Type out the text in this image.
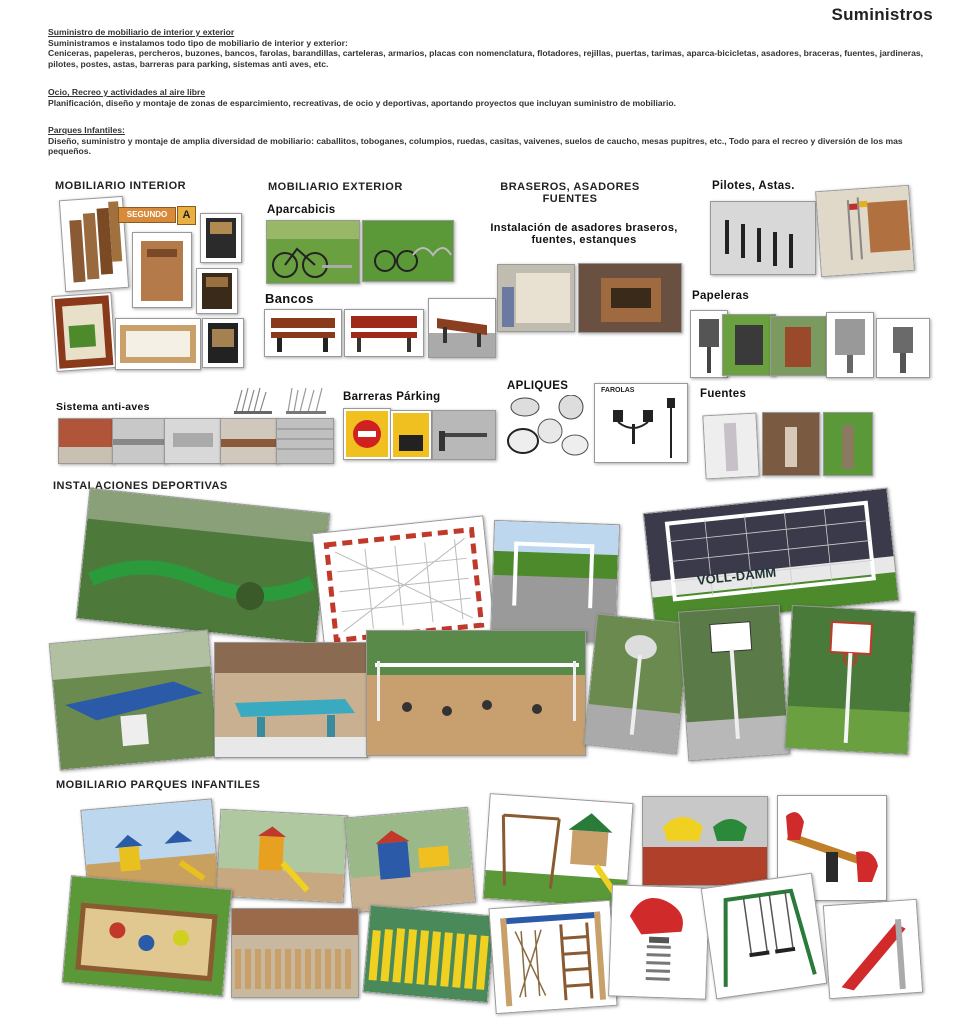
Suministros
Suministro de mobiliario de interior y exterior
Suministramos e instalamos todo tipo de mobiliario de interior y exterior:
Ceniceras, papeleras, percheros, buzones, bancos, farolas, barandillas, carteleras, armarios, placas con nomenclatura, flotadores, rejillas, puertas, tarimas, aparca-bicicletas, asadores, braceras, fuentes, jardineras, pilotes, postes, astas, barreras para parking, sistemas anti aves, etc.
Ocio, Recreo y actividades al aire libre
Planificación, diseño y montaje de zonas de esparcimiento, recreativas, de ocio y deportivas, aportando proyectos que incluyan suministro de mobiliario.
Parques Infantiles:
Diseño, suministro y montaje de amplia diversidad de mobiliario: caballitos, toboganes, columpios, ruedas, casitas, vaivenes, suelos de caucho, mesas pupitres, etc., Todo para el recreo y diversión de los mas pequeños.
MOBILIARIO INTERIOR	MOBILIARIO EXTERIOR	BRASEROS, ASADORES FUENTES
Pilotes, Astas.
Aparcabicis
Bancos
Instalación de asadores braseros, fuentes, estanques
Papeleras
Sistema anti-aves
Barreras Párking
APLIQUES
Fuentes
INSTALACIONES DEPORTIVAS
MOBILIARIO PARQUES INFANTILES
SEGUNDO	A
FAROLAS
VOLL-DAMM
